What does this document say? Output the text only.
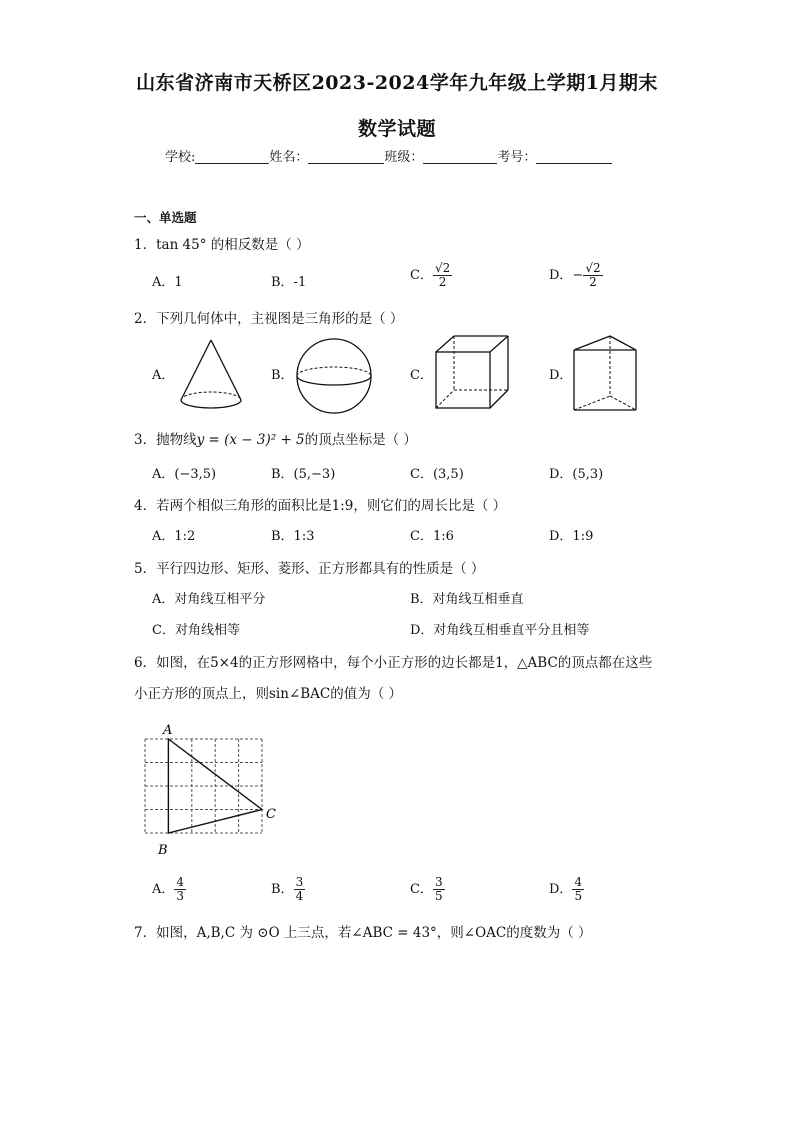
山东省济南市天桥区2023-2024学年九年级上学期1月期末
数学试题
学校:	姓名：	班级：	考号：
一、单选题
1．tan 45° 的相反数是（ ）
A．1	B．-1	C． $\frac{√2}{2}$	D．− $\frac{√2}{2}$
2．下列几何体中，主视图是三角形的是（ ）
A．	B．	C．	D．
3．抛物线y = (x − 3)² + 5的顶点坐标是（ ）
A．(−3,5)	B．(5,−3)	C．(3,5)	D．(5,3)
4．若两个相似三角形的面积比是1:9，则它们的周长比是（ ）
A．1:2	B．1:3	C．1:6	D．1:9
5．平行四边形、矩形、菱形、正方形都具有的性质是（ ）
A．对角线互相平分	B．对角线互相垂直
C．对角线相等	D．对角线互相垂直平分且相等
6．如图，在5×4的正方形网格中，每个小正方形的边长都是1，△ABC的顶点都在这些
小正方形的顶点上，则sin∠BAC的值为（ ）
A
B
C
A． $\frac{4}{3}$	B． $\frac{3}{4}$	C． $\frac{3}{5}$	D． $\frac{4}{5}$
7．如图，A,B,C 为 ⊙O 上三点，若∠ABC = 43°，则∠OAC的度数为（ ）
